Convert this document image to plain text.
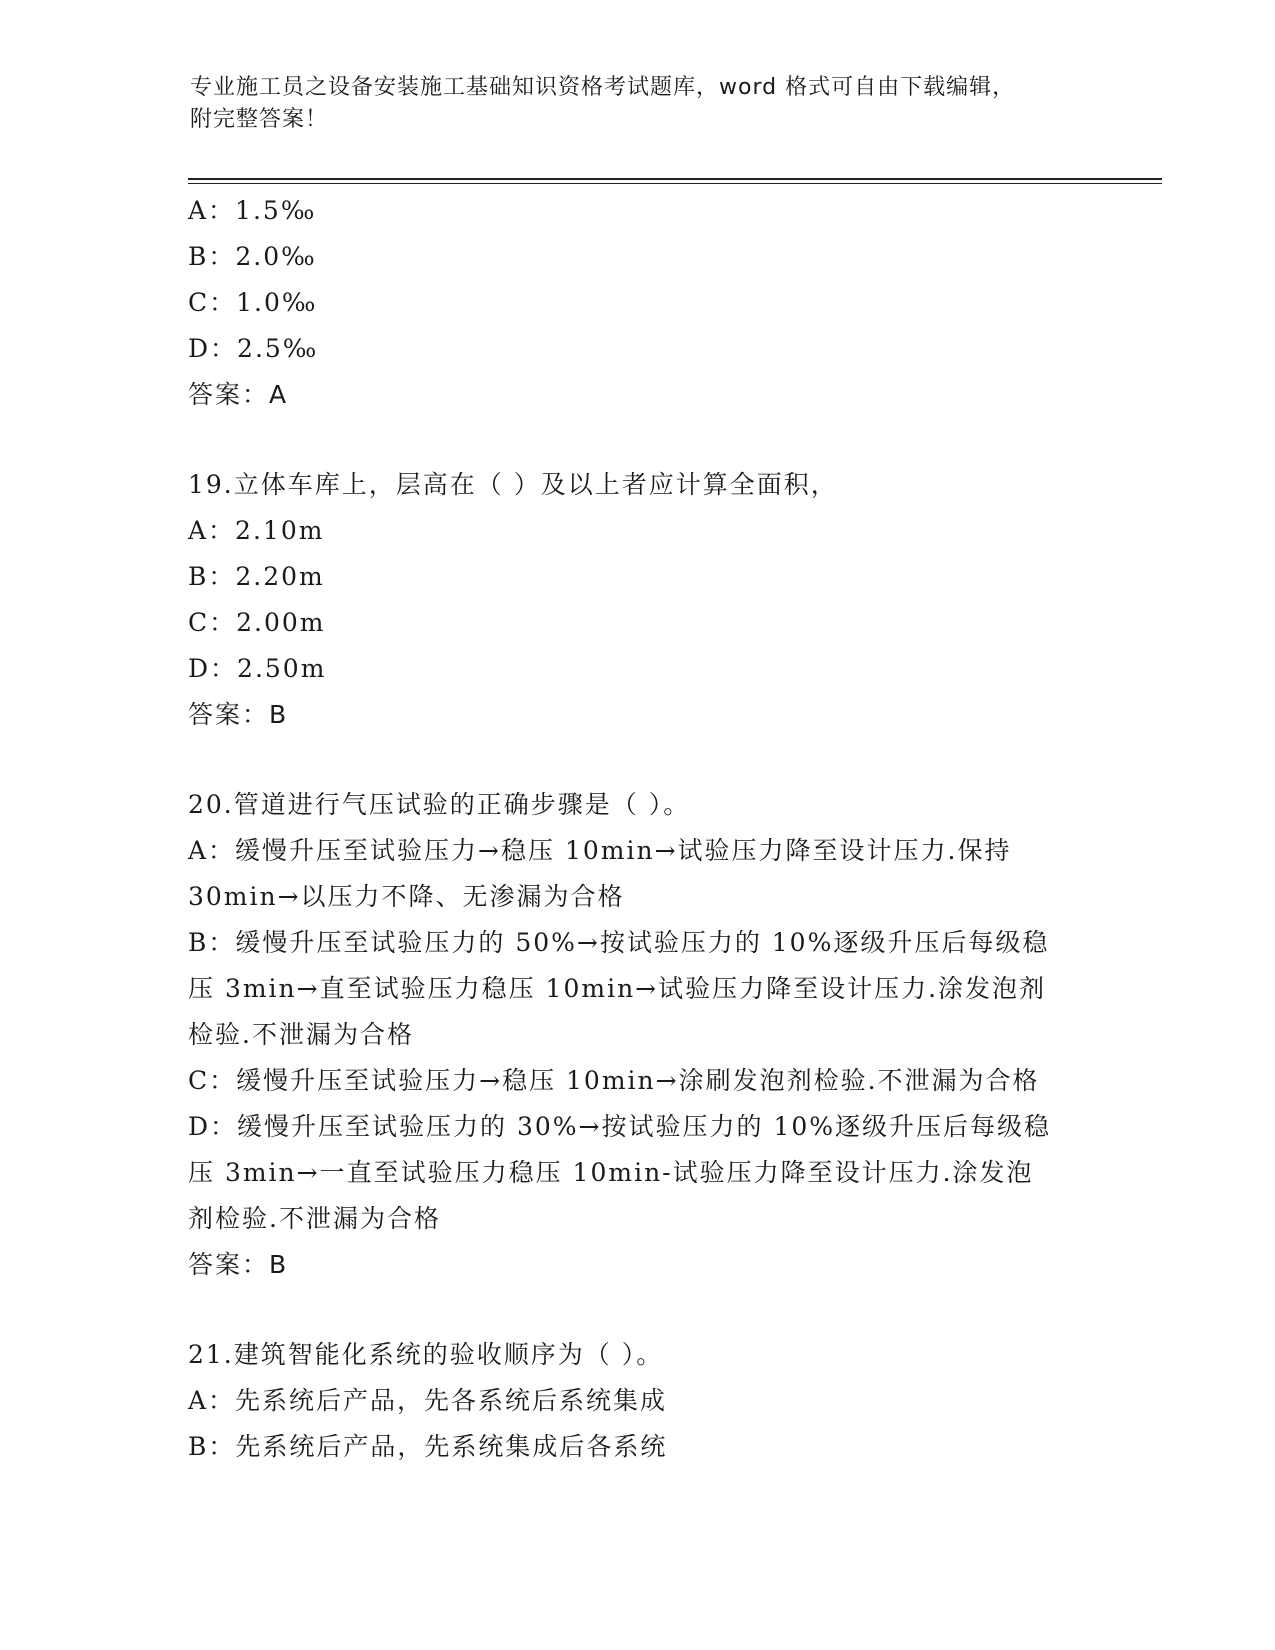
专业施工员之设备安装施工基础知识资格考试题库，word 格式可自由下载编辑，
附完整答案！
A：1.5‰
B：2.0‰
C：1.0‰
D：2.5‰
答案：A
19.立体车库上，层高在（ ）及以上者应计算全面积，
A：2.10m
B：2.20m
C：2.00m
D：2.50m
答案：B
20.管道进行气压试验的正确步骤是（ ）。
A：缓慢升压至试验压力→稳压 10min→试验压力降至设计压力.保持
30min→以压力不降、无渗漏为合格
B：缓慢升压至试验压力的 50%→按试验压力的 10%逐级升压后每级稳
压 3min→直至试验压力稳压 10min→试验压力降至设计压力.涂发泡剂
检验.不泄漏为合格
C：缓慢升压至试验压力→稳压 10min→涂刷发泡剂检验.不泄漏为合格
D：缓慢升压至试验压力的 30%→按试验压力的 10%逐级升压后每级稳
压 3min→一直至试验压力稳压 10min-试验压力降至设计压力.涂发泡
剂检验.不泄漏为合格
答案：B
21.建筑智能化系统的验收顺序为（ ）。
A：先系统后产品，先各系统后系统集成
B：先系统后产品，先系统集成后各系统
